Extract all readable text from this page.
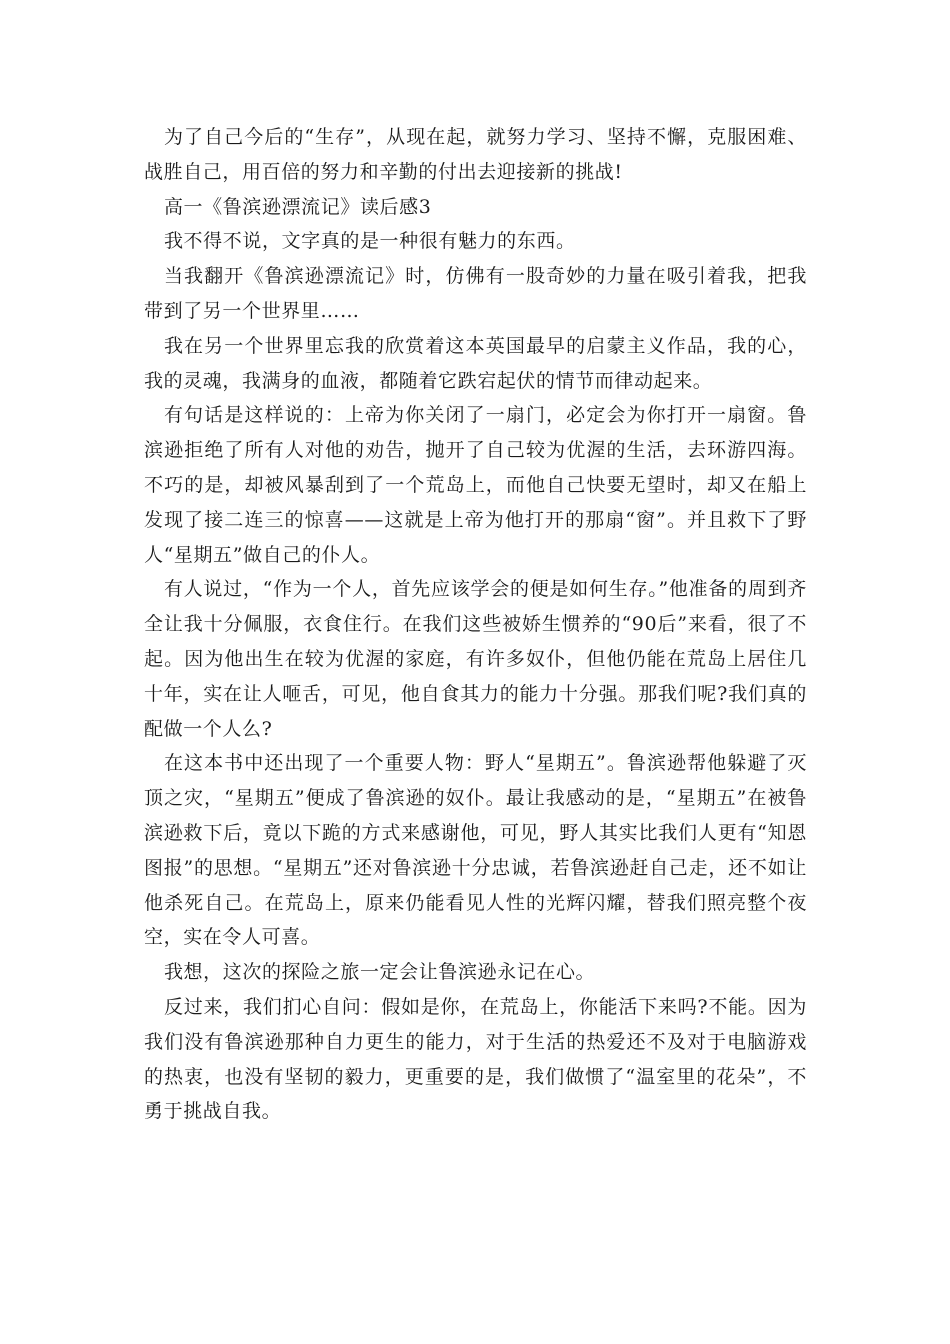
为了自己今后的“生存”，从现在起，就努力学习、坚持不懈，克服困难、战胜自己，用百倍的努力和辛勤的付出去迎接新的挑战!

高一《鲁滨逊漂流记》读后感3

我不得不说，文字真的是一种很有魅力的东西。

当我翻开《鲁滨逊漂流记》时，仿佛有一股奇妙的力量在吸引着我，把我带到了另一个世界里……

我在另一个世界里忘我的欣赏着这本英国最早的启蒙主义作品，我的心，我的灵魂，我满身的血液，都随着它跌宕起伏的情节而律动起来。

有句话是这样说的：上帝为你关闭了一扇门，必定会为你打开一扇窗。鲁滨逊拒绝了所有人对他的劝告，抛开了自己较为优渥的生活，去环游四海。不巧的是，却被风暴刮到了一个荒岛上，而他自己快要无望时，却又在船上发现了接二连三的惊喜——这就是上帝为他打开的那扇“窗”。并且救下了野人“星期五”做自己的仆人。

有人说过，“作为一个人，首先应该学会的便是如何生存。”他准备的周到齐全让我十分佩服，衣食住行。在我们这些被娇生惯养的“90后”来看，很了不起。因为他出生在较为优渥的家庭，有许多奴仆，但他仍能在荒岛上居住几十年，实在让人咂舌，可见，他自食其力的能力十分强。那我们呢?我们真的配做一个人么?

在这本书中还出现了一个重要人物：野人“星期五”。鲁滨逊帮他躲避了灭顶之灾，“星期五”便成了鲁滨逊的奴仆。最让我感动的是，“星期五”在被鲁滨逊救下后，竟以下跪的方式来感谢他，可见，野人其实比我们人更有“知恩图报”的思想。“星期五”还对鲁滨逊十分忠诚，若鲁滨逊赶自己走，还不如让他杀死自己。在荒岛上，原来仍能看见人性的光辉闪耀，替我们照亮整个夜空，实在令人可喜。

我想，这次的探险之旅一定会让鲁滨逊永记在心。

反过来，我们扪心自问：假如是你，在荒岛上，你能活下来吗?不能。因为我们没有鲁滨逊那种自力更生的能力，对于生活的热爱还不及对于电脑游戏的热衷，也没有坚韧的毅力，更重要的是，我们做惯了“温室里的花朵”，不勇于挑战自我。
